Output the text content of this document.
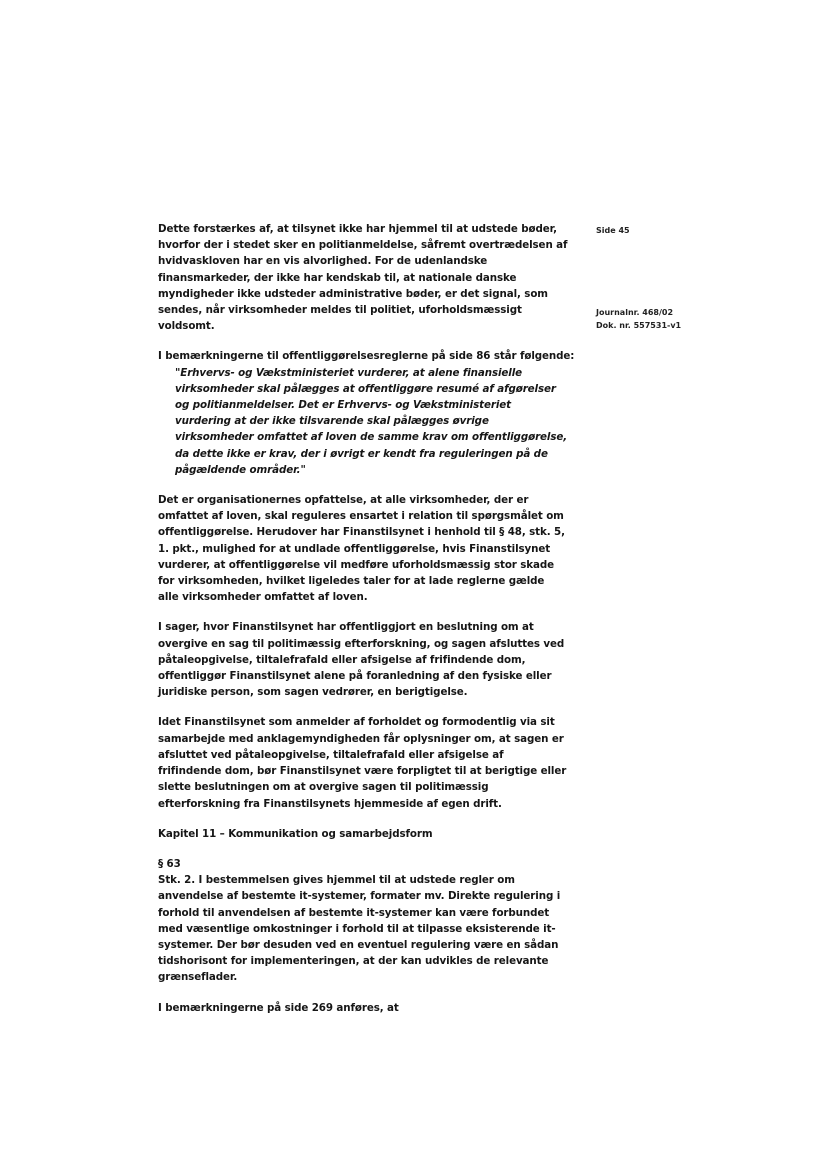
Side 45
Journalnr. 468/02
Dok. nr. 557531-v1

Dette forstærkes af, at tilsynet ikke har hjemmel til at udstede bøder, hvorfor der i stedet sker en politianmeldelse, såfremt overtrædelsen af hvidvaskloven har en vis alvorlighed. For de udenlandske finansmarkeder, der ikke har kendskab til, at nationale danske myndigheder ikke udsteder administrative bøder, er det signal, som sendes, når virksomheder meldes til politiet, uforholdsmæssigt voldsomt.

I bemærkningerne til offentliggørelsesreglerne på side 86 står følgende:

"Erhvervs- og Vækstministeriet vurderer, at alene finansielle virksomheder skal pålægges at offentliggøre resumé af afgørelser og politianmeldelser. Det er Erhvervs- og Vækstministeriet vurdering at der ikke tilsvarende skal pålægges øvrige virksomheder omfattet af loven de samme krav om offentliggørelse, da dette ikke er krav, der i øvrigt er kendt fra reguleringen på de pågældende områder."

Det er organisationernes opfattelse, at alle virksomheder, der er omfattet af loven, skal reguleres ensartet i relation til spørgsmålet om offentliggørelse. Herudover har Finanstilsynet i henhold til § 48, stk. 5, 1. pkt., mulighed for at undlade offentliggørelse, hvis Finanstilsynet vurderer, at offentliggørelse vil medføre uforholdsmæssig stor skade for virksomheden, hvilket ligeledes taler for at lade reglerne gælde alle virksomheder omfattet af loven.

I sager, hvor Finanstilsynet har offentliggjort en beslutning om at overgive en sag til politimæssig efterforskning, og sagen afsluttes ved påtaleopgivelse, tiltalefrafald eller afsigelse af frifindende dom, offentliggør Finanstilsynet alene på foranledning af den fysiske eller juridiske person, som sagen vedrører, en berigtigelse.

Idet Finanstilsynet som anmelder af forholdet og formodentlig via sit samarbejde med anklagemyndigheden får oplysninger om, at sagen er afsluttet ved påtaleopgivelse, tiltalefrafald eller afsigelse af frifindende dom, bør Finanstilsynet være forpligtet til at berigtige eller slette beslutningen om at overgive sagen til politimæssig efterforskning fra Finanstilsynets hjemmeside af egen drift.

Kapitel 11 – Kommunikation og samarbejdsform

§ 63

Stk. 2. I bestemmelsen gives hjemmel til at udstede regler om anvendelse af bestemte it-systemer, formater mv. Direkte regulering i forhold til anvendelsen af bestemte it-systemer kan være forbundet med væsentlige omkostninger i forhold til at tilpasse eksisterende it-systemer. Der bør desuden ved en eventuel regulering være en sådan tidshorisont for implementeringen, at der kan udvikles de relevante grænseflader.

I bemærkningerne på side 269 anføres, at
